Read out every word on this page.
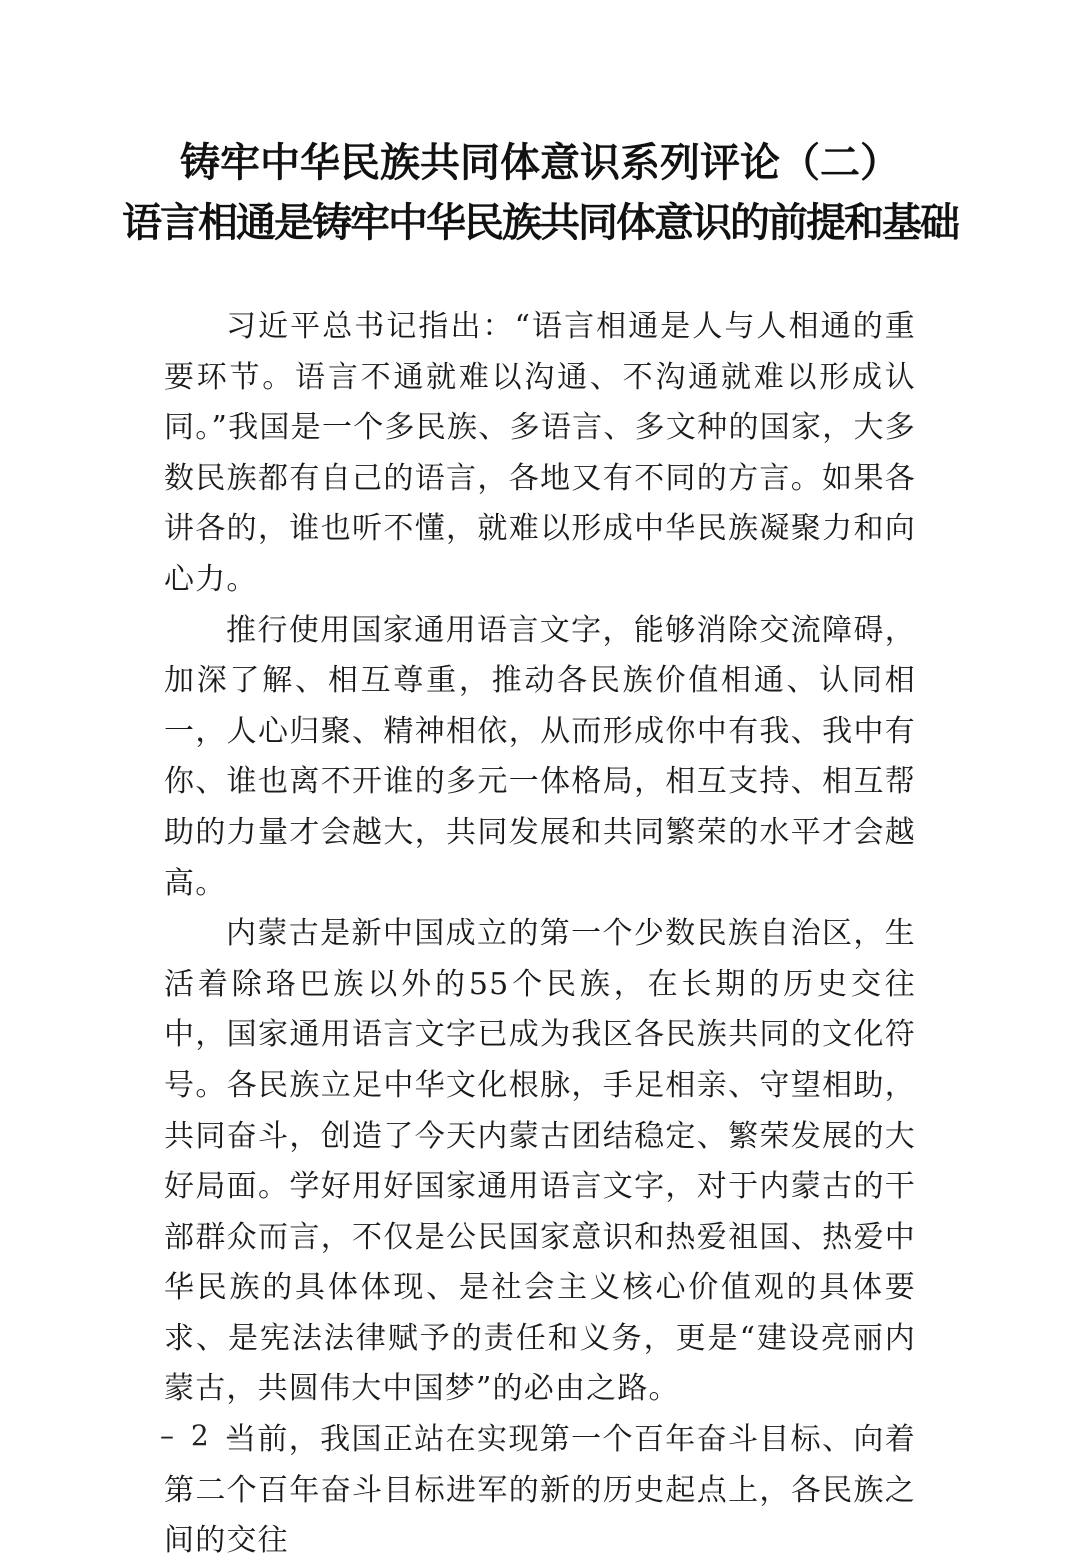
铸牢中华民族共同体意识系列评论（二）
语言相通是铸牢中华民族共同体意识的前提和基础

习近平总书记指出：“语言相通是人与人相通的重要环节。语言不通就难以沟通、不沟通就难以形成认同。”我国是一个多民族、多语言、多文种的国家，大多数民族都有自己的语言，各地又有不同的方言。如果各讲各的，谁也听不懂，就难以形成中华民族凝聚力和向心力。

推行使用国家通用语言文字，能够消除交流障碍，加深了解、相互尊重，推动各民族价值相通、认同相一，人心归聚、精神相依，从而形成你中有我、我中有你、谁也离不开谁的多元一体格局，相互支持、相互帮助的力量才会越大，共同发展和共同繁荣的水平才会越高。

内蒙古是新中国成立的第一个少数民族自治区，生活着除珞巴族以外的55个民族，在长期的历史交往中，国家通用语言文字已成为我区各民族共同的文化符号。各民族立足中华文化根脉，手足相亲、守望相助，共同奋斗，创造了今天内蒙古团结稳定、繁荣发展的大好局面。学好用好国家通用语言文字，对于内蒙古的干部群众而言，不仅是公民国家意识和热爱祖国、热爱中华民族的具体体现、是社会主义核心价值观的具体要求、是宪法法律赋予的责任和义务，更是“建设亮丽内蒙古，共圆伟大中国梦”的必由之路。

当前，我国正站在实现第一个百年奋斗目标、向着第二个百年奋斗目标进军的新的历史起点上，各民族之间的交往

– 2 –
